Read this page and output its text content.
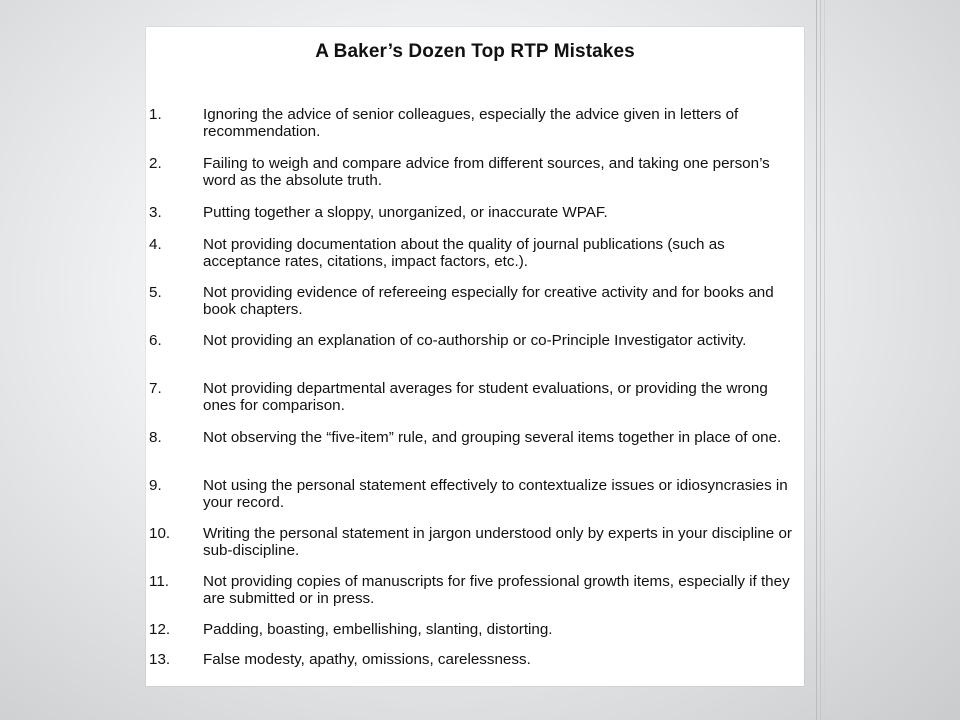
A Baker’s Dozen Top RTP Mistakes
1.	Ignoring the advice of senior colleagues, especially the advice given in letters of recommendation.
2.	Failing to weigh and compare advice from different sources, and taking one person’s word as the absolute truth.
3.	Putting together a sloppy, unorganized, or inaccurate WPAF.
4.	Not providing documentation about the quality of journal publications (such as acceptance rates, citations, impact factors, etc.).
5.	Not providing evidence of refereeing especially for creative activity and for books and book chapters.
6.	Not providing an explanation of co-authorship or co-Principle Investigator activity.
7.	Not providing departmental averages for student evaluations, or providing the wrong ones for comparison.
8.	Not observing the “five-item” rule, and grouping several items together in place of one.
9.	Not using the personal statement effectively to contextualize issues or idiosyncrasies in your record.
10. Writing the personal statement in jargon understood only by experts in your discipline or sub-discipline.
11. Not providing copies of manuscripts for five professional growth items, especially if they are submitted or in press.
12. Padding, boasting, embellishing, slanting, distorting.
13. False modesty, apathy, omissions, carelessness.
